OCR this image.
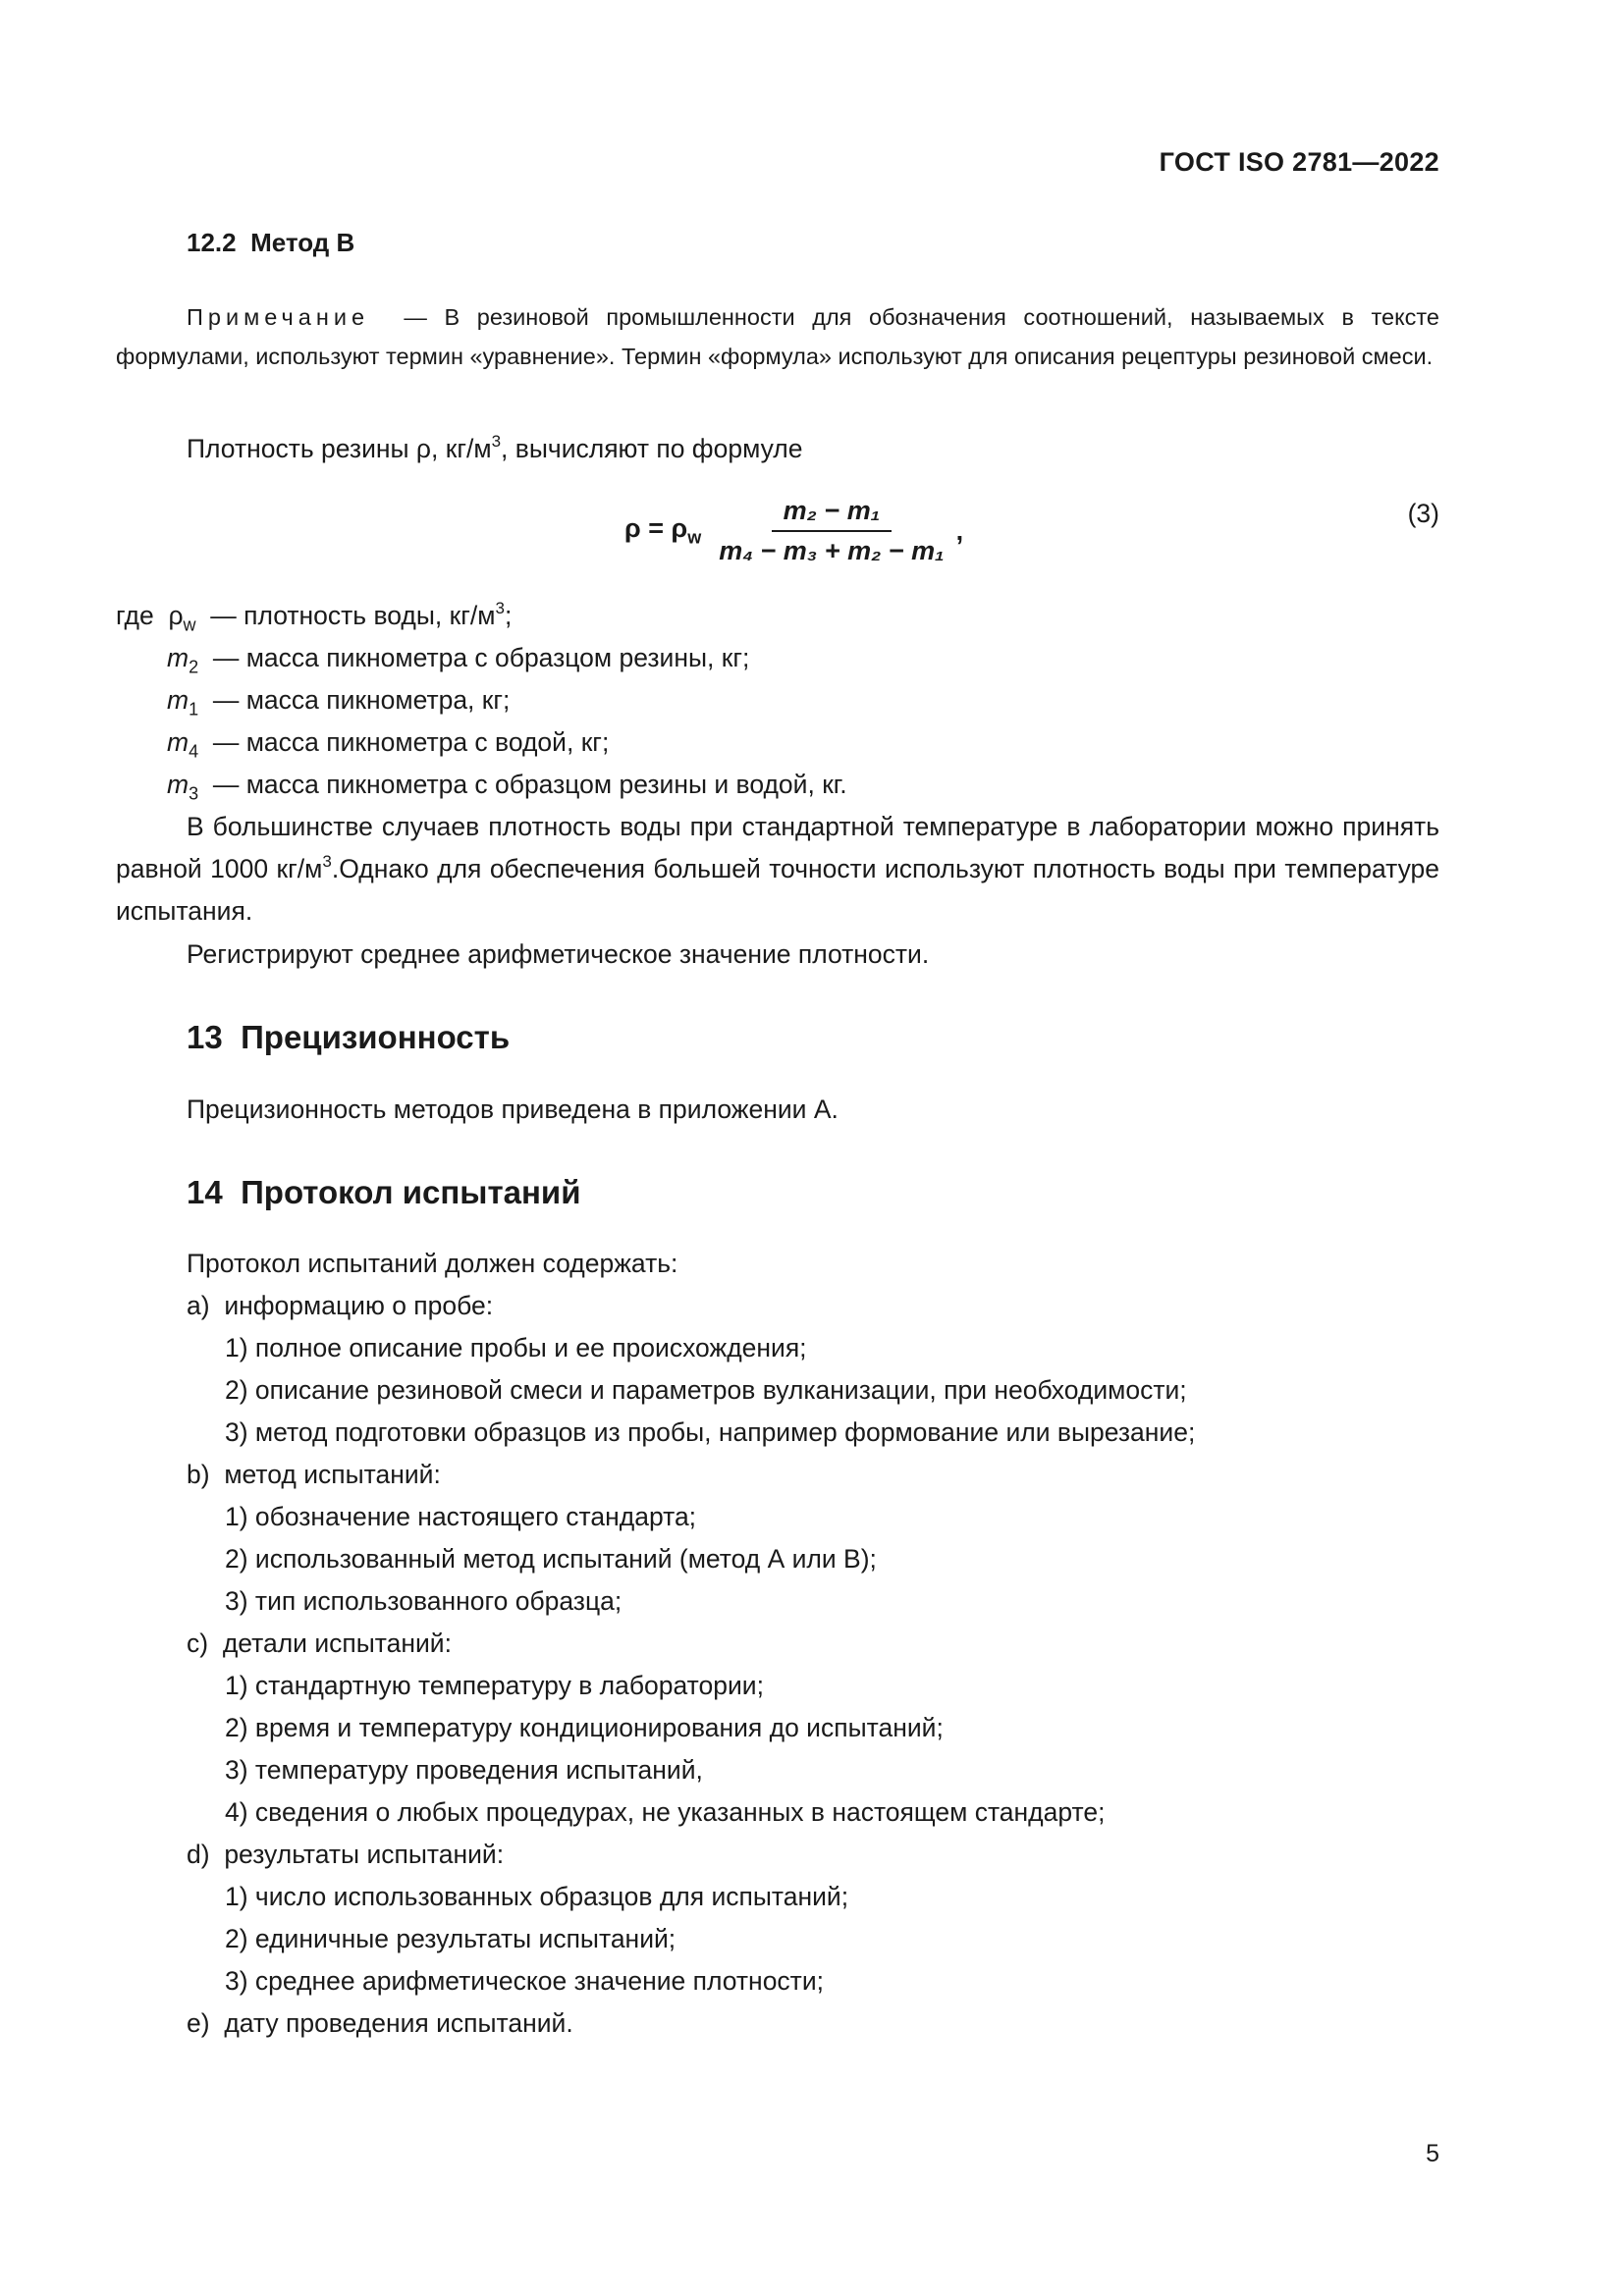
ГОСТ ISO 2781—2022
12.2 Метод B
Примечание — В резиновой промышленности для обозначения соотношений, называемых в тексте формулами, используют термин «уравнение». Термин «формула» используют для описания рецептуры резиновой смеси.
Плотность резины ρ, $кг/м^3$, вычисляют по формуле
$\rho = \rho_w \frac{\text{m₂ − m₁}}{\text{m₄ − m₃ + m₂ − m₁}}$ ,
(3)
где $\rho_w$ — плотность воды, $кг/м^3$;
$m_2$ — масса пикнометра с образцом резины, кг;
$m_1$ — масса пикнометра, кг;
$m_4$ — масса пикнометра с водой, кг;
$m_3$ — масса пикнометра с образцом резины и водой, кг.
В большинстве случаев плотность воды при стандартной температуре в лаборатории можно принять равной 1000 $кг/м^3.Однако$ для обеспечения большей точности используют плотность воды при температуре испытания.
Регистрируют среднее арифметическое значение плотности.
13 Прецизионность
Прецизионность методов приведена в приложении А.
14 Протокол испытаний
Протокол испытаний должен содержать:
a) информацию о пробе:
1) полное описание пробы и ее происхождения;
2) описание резиновой смеси и параметров вулканизации, при необходимости;
3) метод подготовки образцов из пробы, например формование или вырезание;
b) метод испытаний:
1) обозначение настоящего стандарта;
2) использованный метод испытаний (метод А или B);
3) тип использованного образца;
c) детали испытаний:
1) стандартную температуру в лаборатории;
2) время и температуру кондиционирования до испытаний;
3) температуру проведения испытаний,
4) сведения о любых процедурах, не указанных в настоящем стандарте;
d) результаты испытаний:
1) число использованных образцов для испытаний;
2) единичные результаты испытаний;
3) среднее арифметическое значение плотности;
e) дату проведения испытаний.
5
